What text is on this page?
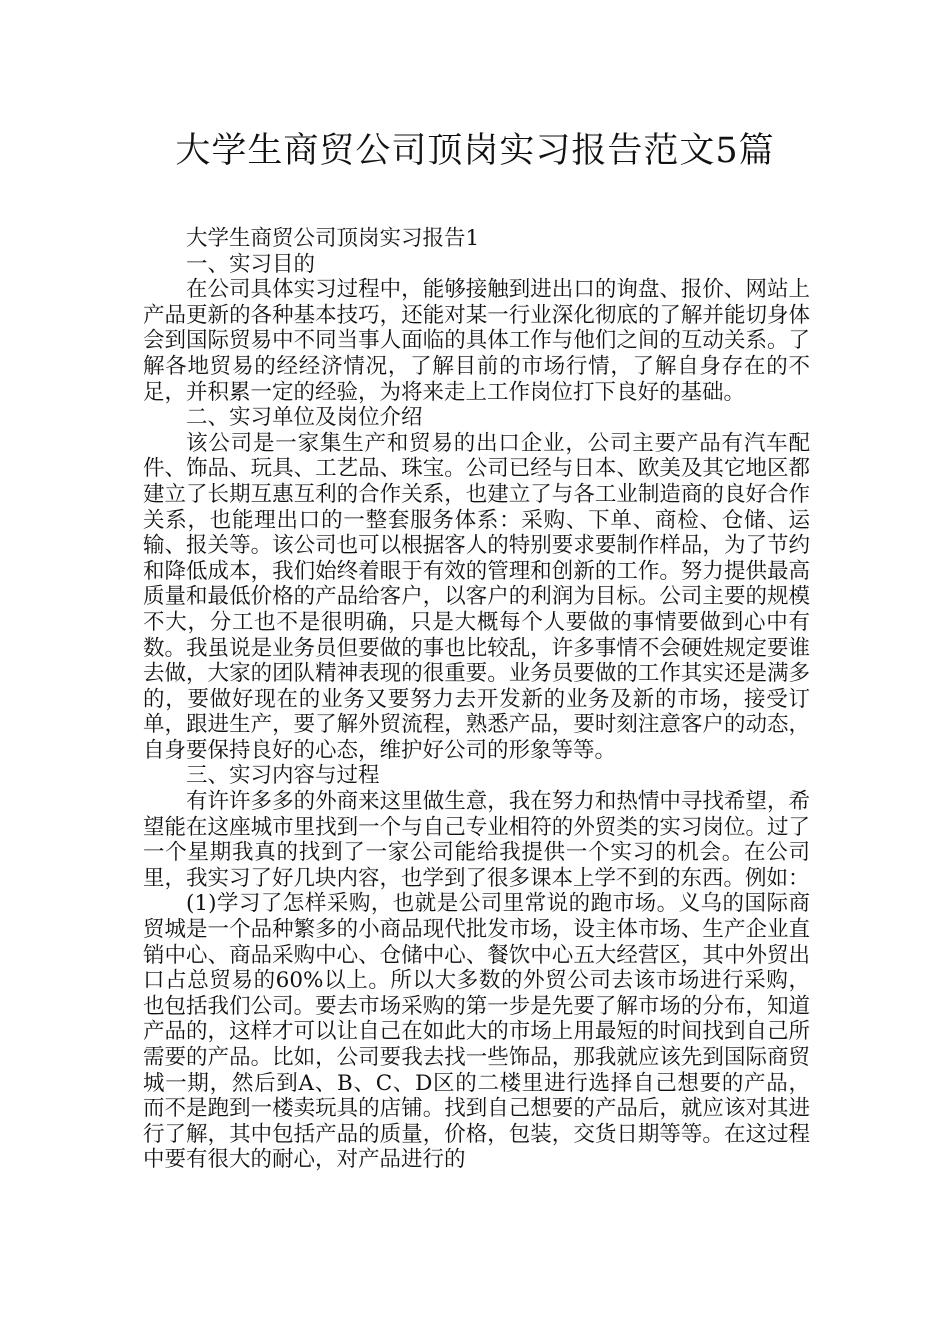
大学生商贸公司顶岗实习报告范文5篇

大学生商贸公司顶岗实习报告1

一、实习目的

在公司具体实习过程中，能够接触到进出口的询盘、报价、网站上产品更新的各种基本技巧，还能对某一行业深化彻底的了解并能切身体会到国际贸易中不同当事人面临的具体工作与他们之间的互动关系。了解各地贸易的经经济情况，了解目前的市场行情，了解自身存在的不足，并积累一定的经验，为将来走上工作岗位打下良好的基础。

二、实习单位及岗位介绍

该公司是一家集生产和贸易的出口企业，公司主要产品有汽车配件、饰品、玩具、工艺品、珠宝。公司已经与日本、欧美及其它地区都建立了长期互惠互利的合作关系，也建立了与各工业制造商的良好合作关系，也能理出口的一整套服务体系：采购、下单、商检、仓储、运输、报关等。该公司也可以根据客人的特别要求要制作样品，为了节约和降低成本，我们始终着眼于有效的管理和创新的工作。努力提供最高质量和最低价格的产品给客户，以客户的利润为目标。公司主要的规模不大，分工也不是很明确，只是大概每个人要做的事情要做到心中有数。我虽说是业务员但要做的事也比较乱，许多事情不会硬姓规定要谁去做，大家的团队精神表现的很重要。业务员要做的工作其实还是满多的，要做好现在的业务又要努力去开发新的业务及新的市场，接受订单，跟进生产，要了解外贸流程，熟悉产品，要时刻注意客户的动态，自身要保持良好的心态，维护好公司的形象等等。

三、实习内容与过程

有许许多多的外商来这里做生意，我在努力和热情中寻找希望，希望能在这座城市里找到一个与自己专业相符的外贸类的实习岗位。过了一个星期我真的找到了一家公司能给我提供一个实习的机会。在公司里，我实习了好几块内容，也学到了很多课本上学不到的东西。例如：

(1)学习了怎样采购，也就是公司里常说的跑市场。义乌的国际商贸城是一个品种繁多的小商品现代批发市场，设主体市场、生产企业直销中心、商品采购中心、仓储中心、餐饮中心五大经营区，其中外贸出口占总贸易的60%以上。所以大多数的外贸公司去该市场进行采购，也包括我们公司。要去市场采购的第一步是先要了解市场的分布，知道产品的，这样才可以让自己在如此大的市场上用最短的时间找到自己所需要的产品。比如，公司要我去找一些饰品，那我就应该先到国际商贸城一期，然后到A、B、C、D区的二楼里进行选择自己想要的产品，而不是跑到一楼卖玩具的店铺。找到自己想要的产品后，就应该对其进行了解，其中包括产品的质量，价格，包装，交货日期等等。在这过程中要有很大的耐心，对产品进行的
